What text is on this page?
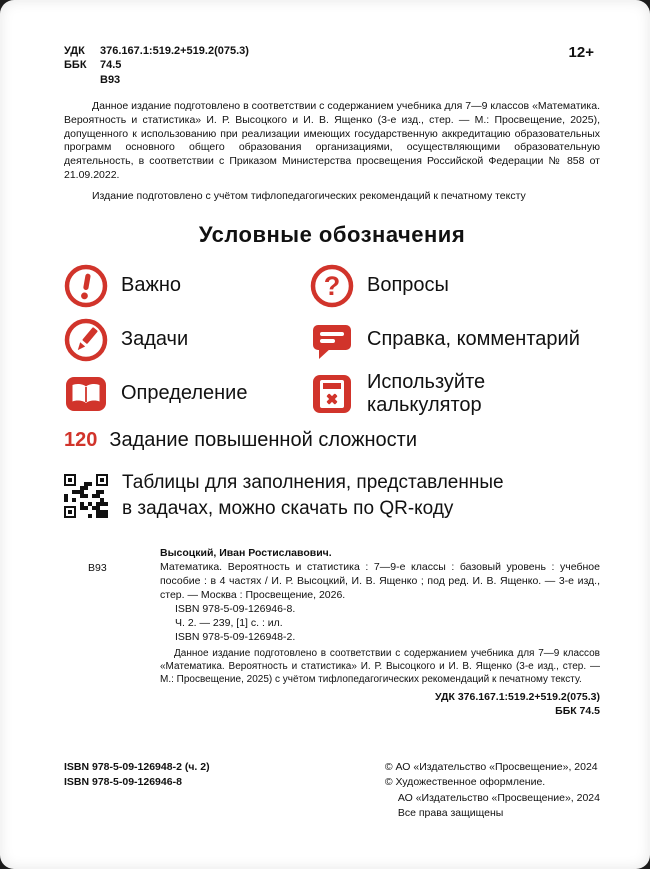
УДК	376.167.1:519.2+519.2(075.3)
ББК	74.5
В93
12+

Данное издание подготовлено в соответствии с содержанием учебника для 7—9 классов «Математика. Вероятность и статистика» И. Р. Высоцкого и И. В. Ященко (3-е изд., стер. — М.: Просвещение, 2025), допущенного к использованию при реализации имеющих государственную аккредитацию образовательных программ основного общего образования организациями, осуществляющими образовательную деятельность, в соответствии с Приказом Министерства просвещения Российской Федерации № 858 от 21.09.2022.

Издание подготовлено с учётом тифлопедагогических рекомендаций к печатному тексту

Условные обозначения
Важно	? Вопросы
Задачи	Справка, комментарий
Определение
Используйте калькулятор
120 Задание повышенной сложности
Таблицы для заполнения, представленные
в задачах, можно скачать по QR-коду
Высоцкий, Иван Ростиславович.
В93	Математика. Вероятность и статистика : 7—9-е классы : базовый уровень : учебное пособие : в 4 частях / И. Р. Высоцкий, И. В. Ященко ; под ред. И. В. Ященко. — 3-е изд., стер. — Москва : Просвещение, 2026.

ISBN 978-5-09-126946-8.
Ч. 2. — 239, [1] с. : ил.
ISBN 978-5-09-126948-2.

Данное издание подготовлено в соответствии с содержанием учебника для 7—9 классов «Математика. Вероятность и статистика» И. Р. Высоцкого и И. В. Ященко (3-е изд., стер. — М.: Просвещение, 2025) с учётом тифлопедагогических рекомендаций к печатному тексту.

УДК 376.167.1:519.2+519.2(075.3)
ББК 74.5
ISBN 978-5-09-126948-2 (ч. 2)
ISBN 978-5-09-126946-8
© АО «Издательство «Просвещение», 2024
© Художественное оформление.
АО «Издательство «Просвещение», 2024
Все права защищены
